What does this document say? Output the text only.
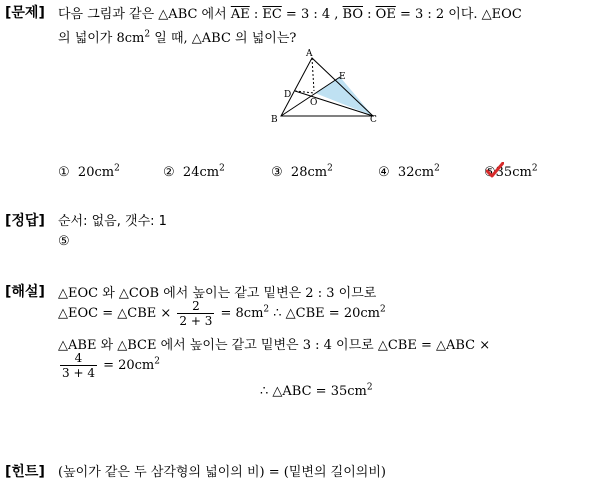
[문제] 다음 그림과 같은 △ABC 에서 $\overline{AE}$ : $\overline{EC} = 3$ : 4 , $\overline{BO}$ : $\overline{OE} = 3$ : 2 이다. △EOC
의 넓이가 $8cm^2$ 일 때, △ABC 의 넓이는?
A
B	C
D
E
O
① $20cm^2$	② $24cm^2$	③ $28cm^2$	④ $32cm^2$	⑤
$35cm^2$
[정답] 순서: 없음, 갯수: 1
⑤
[해설] △EOC 와 △COB 에서 높이는 같고 밑변은 2 : 3 이므로
△EOC = △CBE × $\frac{2}{2 + 3} = 8cm^2$ ∴ △CBE = $20cm^2$
△ABE 와 △BCE 에서 높이는 같고 밑변은 3 : 4 이므로 △CBE = △ABC ×
$\frac{4}{3 + 4} = 20cm^2$
∴ △ABC = $35cm^2$
[힌트] (높이가 같은 두 삼각형의 넓이의 비) = (밑변의 길이의비)
